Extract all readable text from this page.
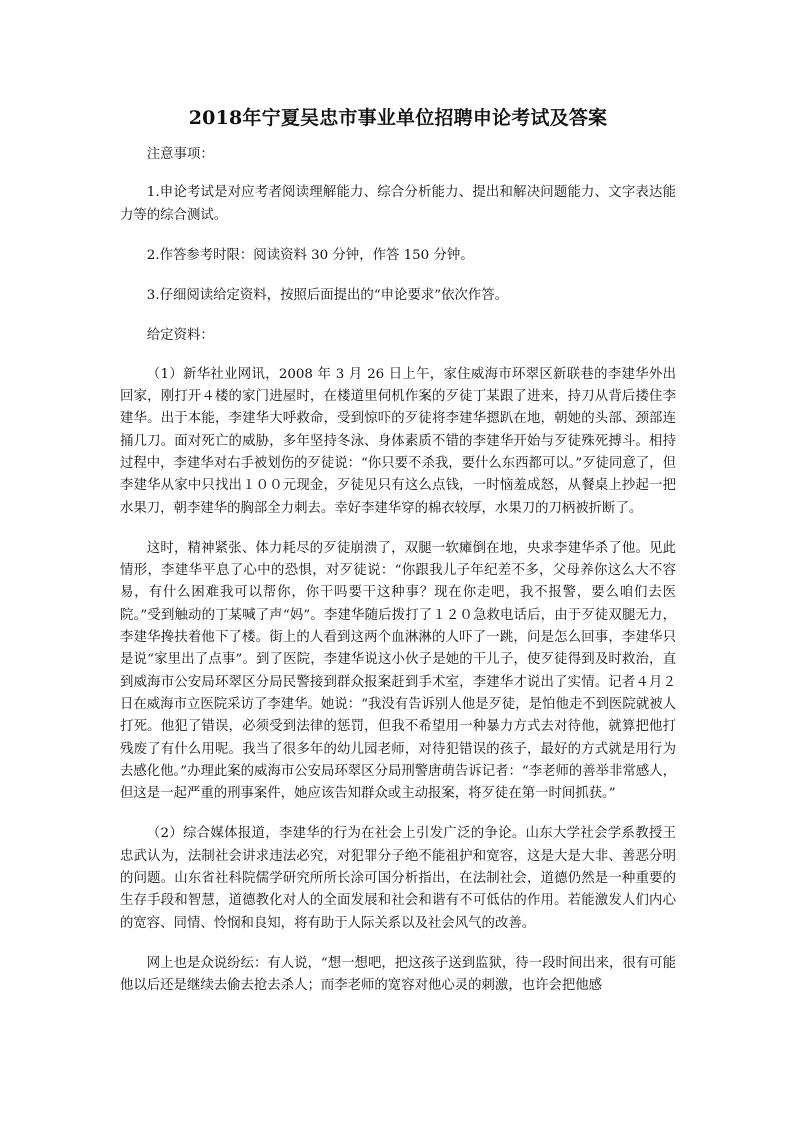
2018年宁夏吴忠市事业单位招聘申论考试及答案

注意事项：

1.申论考试是对应考者阅读理解能力、综合分析能力、提出和解决问题能力、文字表达能力等的综合测试。

2.作答参考时限：阅读资料 30 分钟，作答 150 分钟。

3.仔细阅读给定资料，按照后面提出的“申论要求”依次作答。

给定资料：

（1）新华社业网讯，2008 年 3 月 26 日上午，家住威海市环翠区新联巷的李建华外出回家，刚打开４楼的家门进屋时，在楼道里伺机作案的歹徒丁某跟了进来，持刀从背后搂住李建华。出于本能，李建华大呼救命，受到惊吓的歹徒将李建华摁趴在地，朝她的头部、颈部连捅几刀。面对死亡的威胁，多年坚持冬泳、身体素质不错的李建华开始与歹徒殊死搏斗。相持过程中，李建华对右手被划伤的歹徒说：“你只要不杀我，要什么东西都可以。”歹徒同意了，但李建华从家中只找出１００元现金，歹徒见只有这么点钱，一时恼羞成怒，从餐桌上抄起一把水果刀，朝李建华的胸部全力刺去。幸好李建华穿的棉衣较厚，水果刀的刀柄被折断了。

这时，精神紧张、体力耗尽的歹徒崩溃了，双腿一软瘫倒在地，央求李建华杀了他。见此情形，李建华平息了心中的恐惧，对歹徒说：“你跟我儿子年纪差不多，父母养你这么大不容易，有什么困难我可以帮你，你干吗要干这种事？现在你走吧，我不报警，要么咱们去医院。”受到触动的丁某喊了声“妈”。李建华随后拨打了１２０急救电话后，由于歹徒双腿无力，李建华搀扶着他下了楼。街上的人看到这两个血淋淋的人吓了一跳，问是怎么回事，李建华只是说“家里出了点事”。到了医院，李建华说这小伙子是她的干儿子，使歹徒得到及时救治，直到威海市公安局环翠区分局民警接到群众报案赶到手术室，李建华才说出了实情。记者４月２日在威海市立医院采访了李建华。她说：“我没有告诉别人他是歹徒，是怕他走不到医院就被人打死。他犯了错误，必须受到法律的惩罚，但我不希望用一种暴力方式去对待他，就算把他打残废了有什么用呢。我当了很多年的幼儿园老师，对待犯错误的孩子，最好的方式就是用行为去感化他。”办理此案的威海市公安局环翠区分局刑警唐萌告诉记者：“李老师的善举非常感人，但这是一起严重的刑事案件，她应该告知群众或主动报案，将歹徒在第一时间抓获。”

（2）综合媒体报道，李建华的行为在社会上引发广泛的争论。山东大学社会学系教授王忠武认为，法制社会讲求违法必究，对犯罪分子绝不能祖护和宽容，这是大是大非、善恶分明的问题。山东省社科院儒学研究所所长涂可国分析指出，在法制社会，道德仍然是一种重要的生存手段和智慧，道德教化对人的全面发展和社会和谐有不可低估的作用。若能激发人们内心的宽容、同情、怜悯和良知，将有助于人际关系以及社会风气的改善。

网上也是众说纷纭：有人说，“想一想吧，把这孩子送到监狱，待一段时间出来，很有可能他以后还是继续去偷去抢去杀人；而李老师的宽容对他心灵的刺激，也许会把他感
